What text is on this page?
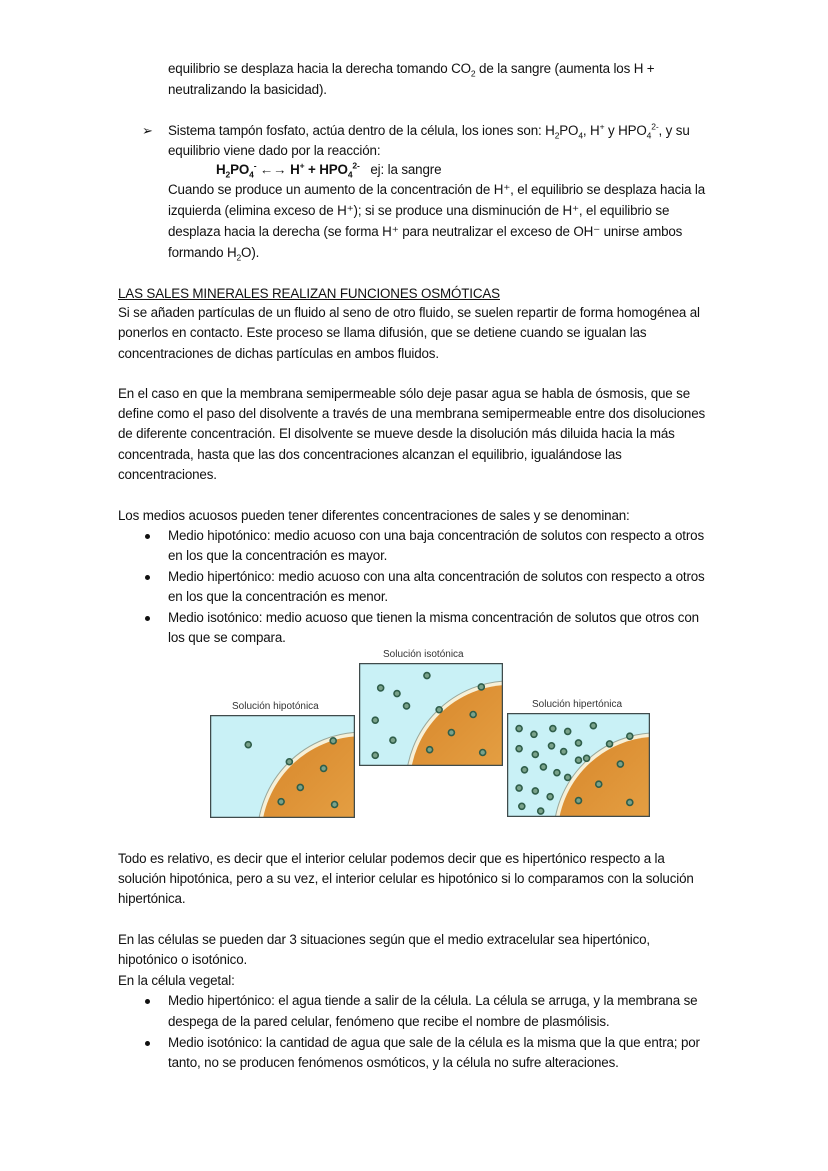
equilibrio se desplaza hacia la derecha tomando $CO_2$ de la sangre (aumenta los H +
neutralizando la basicidad).
➢ Sistema tampón fosfato, actúa dentro de la célula, los iones son: $H_2PO_4$, H+ y $HPO_4^{2-}$, y su
equilibrio viene dado por la reacción:
$H_2PO_4^-$ ←→ $H^+ + HPO_4^{2-}$ ej: la sangre
Cuando se produce un aumento de la concentración de H⁺, el equilibrio se desplaza hacia la
izquierda (elimina exceso de H⁺); si se produce una disminución de H⁺, el equilibrio se
desplaza hacia la derecha (se forma H⁺ para neutralizar el exceso de OH⁻ unirse ambos
formando $H_2O$).
LAS SALES MINERALES REALIZAN FUNCIONES OSMÓTICAS
Si se añaden partículas de un fluido al seno de otro fluido, se suelen repartir de forma homogénea al
ponerlos en contacto. Este proceso se llama difusión, que se detiene cuando se igualan las
concentraciones de dichas partículas en ambos fluidos.
En el caso en que la membrana semipermeable sólo deje pasar agua se habla de ósmosis, que se
define como el paso del disolvente a través de una membrana semipermeable entre dos disoluciones
de diferente concentración. El disolvente se mueve desde la disolución más diluida hacia la más
concentrada, hasta que las dos concentraciones alcanzan el equilibrio, igualándose las
concentraciones.
Los medios acuosos pueden tener diferentes concentraciones de sales y se denominan:
Medio hipotónico: medio acuoso con una baja concentración de solutos con respecto a otros
en los que la concentración es mayor.
Medio hipertónico: medio acuoso con una alta concentración de solutos con respecto a otros
en los que la concentración es menor.
Medio isotónico: medio acuoso que tienen la misma concentración de solutos que otros con
los que se compara.
Solución hipotónica
Solución isotónica
Solución hipertónica
Todo es relativo, es decir que el interior celular podemos decir que es hipertónico respecto a la
solución hipotónica, pero a su vez, el interior celular es hipotónico si lo comparamos con la solución
hipertónica.
En las células se pueden dar 3 situaciones según que el medio extracelular sea hipertónico,
hipotónico o isotónico.
En la célula vegetal:
Medio hipertónico: el agua tiende a salir de la célula. La célula se arruga, y la membrana se
despega de la pared celular, fenómeno que recibe el nombre de plasmólisis.
Medio isotónico: la cantidad de agua que sale de la célula es la misma que la que entra; por
tanto, no se producen fenómenos osmóticos, y la célula no sufre alteraciones.
